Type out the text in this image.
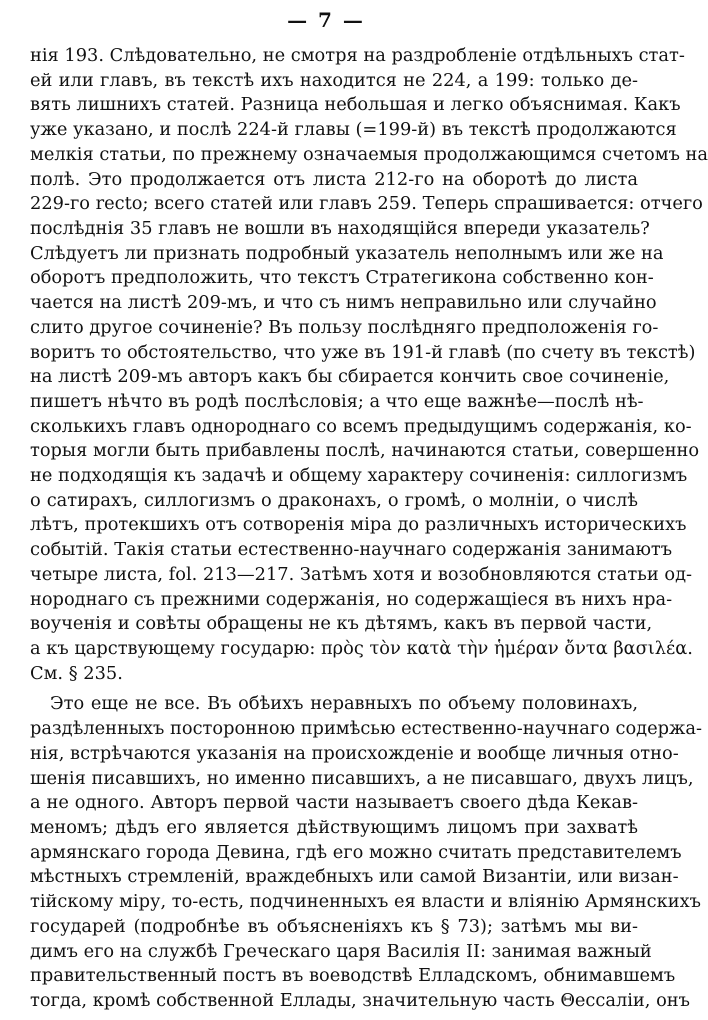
— 7 —
нія 193. Слѣдовательно, не смотря на раздробленіе отдѣльныхъ стат-
ей или главъ, въ текстѣ ихъ находится не 224, а 199: только де-
вять лишнихъ статей. Разница небольшая и легко объяснимая. Какъ
уже указано, и послѣ 224-й главы (=199-й) въ текстѣ продолжаются
мелкія статьи, по прежнему означаемыя продолжающимся счетомъ на
полѣ. Это продолжается отъ листа 212-го на оборотѣ до листа
229-го recto; всего статей или главъ 259. Теперь спрашивается: отчего
послѣднія 35 главъ не вошли въ находящійся впереди указатель?
Слѣдуетъ ли признать подробный указатель неполнымъ или же на
оборотъ предположить, что текстъ Стратегикона собственно кон-
чается на листѣ 209-мъ, и что съ нимъ неправильно или случайно
слито другое сочиненіе? Въ пользу послѣдняго предположенія го-
воритъ то обстоятельство, что уже въ 191-й главѣ (по счету въ текстѣ)
на листѣ 209-мъ авторъ какъ бы сбирается кончить свое сочиненіе,
пишетъ нѣчто въ родѣ послѣсловія; а что еще важнѣе—послѣ нѣ-
сколькихъ главъ однороднаго со всемъ предыдущимъ содержанія, ко-
торыя могли быть прибавлены послѣ, начинаются статьи, совершенно
не подходящія къ задачѣ и общему характеру сочиненія: силлогизмъ
о сатирахъ, силлогизмъ о драконахъ, о громѣ, о молніи, о числѣ
лѣтъ, протекшихъ отъ сотворенія міра до различныхъ историческихъ
событій. Такія статьи естественно-научнаго содержанія занимаютъ
четыре листа, fol. 213—217. Затѣмъ хотя и возобновляются статьи од-
нороднаго съ прежними содержанія, но содержащіеся въ нихъ нра-
воученія и совѣты обращены не къ дѣтямъ, какъ въ первой части,
а къ царствующему государю: πρὸς τὸν κατὰ τὴν ἡμέραν ὄντα βασιλέα.
См. § 235.
Это еще не все. Въ обѣихъ неравныхъ по объему половинахъ,
раздѣленныхъ посторонною примѣсью естественно-научнаго содержа-
нія, встрѣчаются указанія на происхожденіе и вообще личныя отно-
шенія писавшихъ, но именно писавшихъ, а не писавшаго, двухъ лицъ,
а не одного. Авторъ первой части называетъ своего дѣда Кекав-
меномъ; дѣдъ его является дѣйствующимъ лицомъ при захватѣ
армянскаго города Девина, гдѣ его можно считать представителемъ
мѣстныхъ стремленій, враждебныхъ или самой Византіи, или визан-
тійскому міру, то-есть, подчиненныхъ ея власти и вліянію Армянскихъ
государей (подробнѣе въ объясненіяхъ къ § 73); затѣмъ мы ви-
димъ его на службѣ Греческаго царя Василія II: занимая важный
правительственный постъ въ воеводствѣ Елладскомъ, обнимавшемъ
тогда, кромѣ собственной Еллады, значительную часть Θессаліи, онъ
